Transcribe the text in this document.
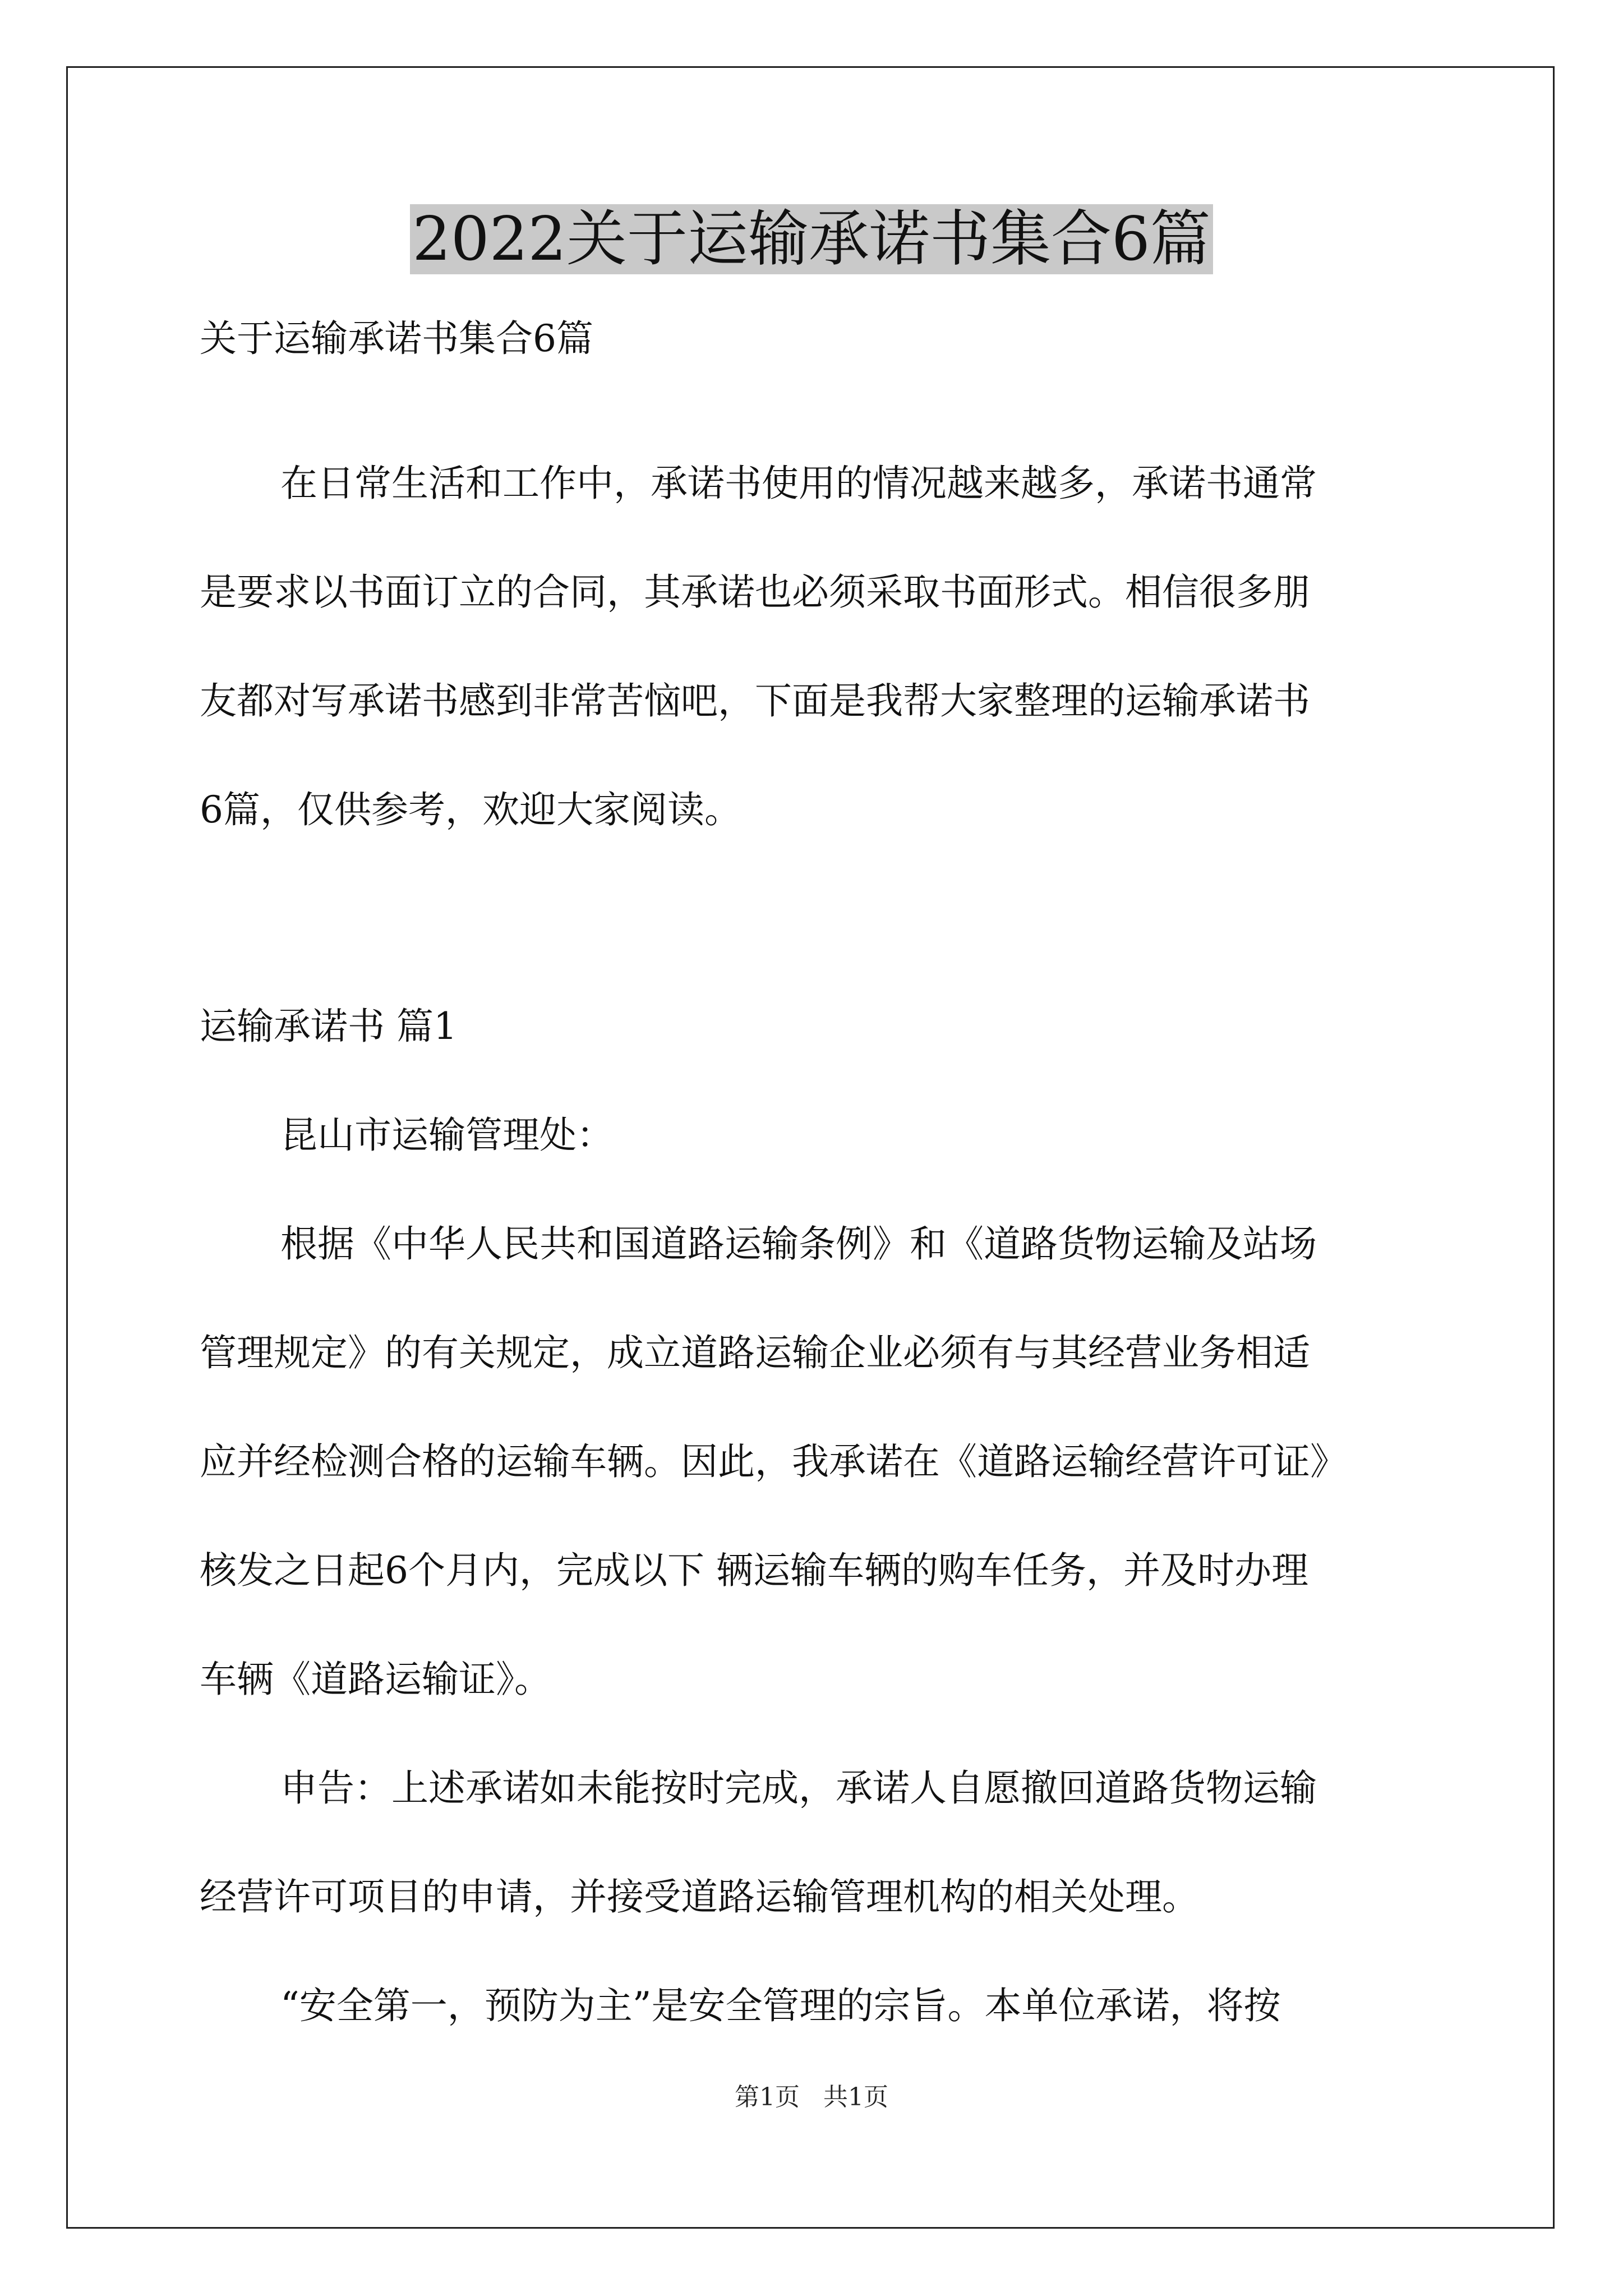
2022关于运输承诺书集合6篇
关于运输承诺书集合6篇
在日常生活和工作中，承诺书使用的情况越来越多，承诺书通常
是要求以书面订立的合同，其承诺也必须采取书面形式。相信很多朋
友都对写承诺书感到非常苦恼吧，下面是我帮大家整理的运输承诺书
6篇，仅供参考，欢迎大家阅读。
运输承诺书 篇1
昆山市运输管理处：
根据《中华人民共和国道路运输条例》和《道路货物运输及站场
管理规定》的有关规定，成立道路运输企业必须有与其经营业务相适
应并经检测合格的运输车辆。因此，我承诺在《道路运输经营许可证》
核发之日起6个月内，完成以下 辆运输车辆的购车任务，并及时办理
车辆《道路运输证》。
申告：上述承诺如未能按时完成，承诺人自愿撤回道路货物运输
经营许可项目的申请，并接受道路运输管理机构的相关处理。
“安全第一，预防为主”是安全管理的宗旨。本单位承诺，将按
第1页   共1页
